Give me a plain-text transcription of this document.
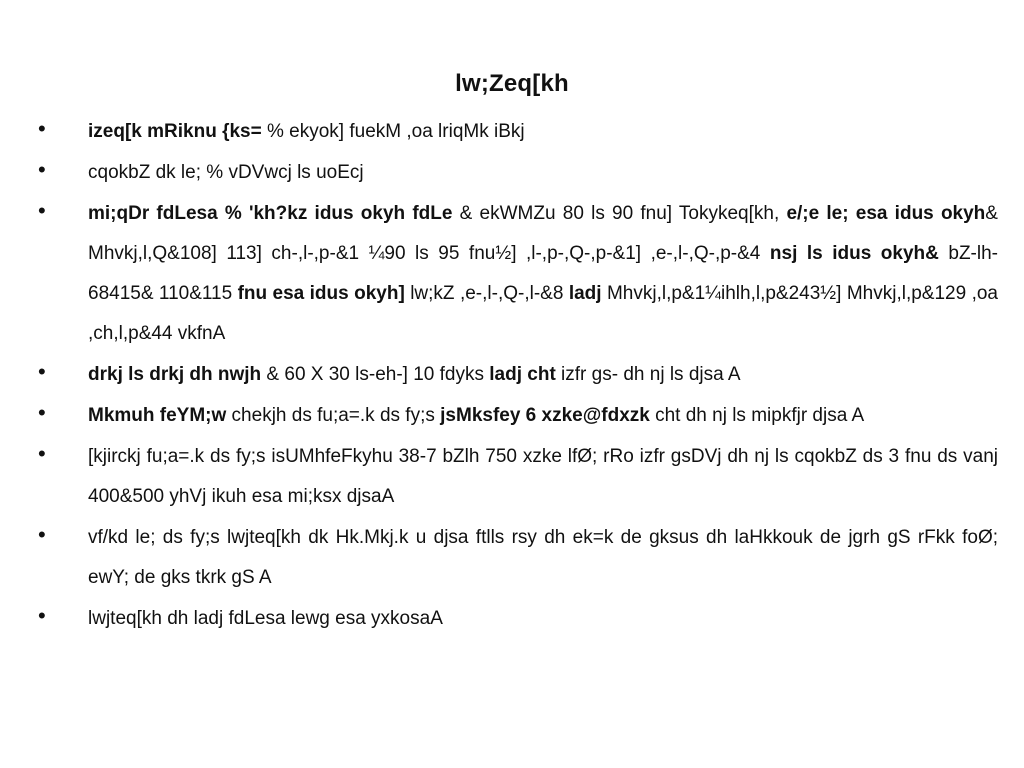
lw;Zeq[kh
• izeq[k mRiknu {ks= % ekyok] fuekM ,oa lriqMk iBkj
• cqokbZ dk le; % vDVwcj ls uoEcj
• mi;qDr fdLesa % 'kh?kz idus okyh fdLe & ekWMZu 80 ls 90 fnu] Tokykeq[kh, e/;e le; esa idus okyh& Mhvkj,l,Q&108] 113] ch-,l-,p-&1 ¼90 ls 95 fnu½] ,l-,p-,Q-,p-&1] ,e-,l-,Q-,p-&4 nsj ls idus okyh& bZ-lh- 68415& 110&115 fnu esa idus okyh] lw;kZ ,e-,l-,Q-,l-&8 ladj Mhvkj,l,p&1¼ihlh,l,p&243½] Mhvkj,l,p&129 ,oa ,ch,l,p&44 vkfnA
• drkj ls drkj dh nwjh & 60 X 30 ls-eh-] 10 fdyks ladj cht izfr gs- dh nj ls djsa A
• Mkmuh feYM;w chekjh ds fu;a=.k ds fy;s jsMksfey 6 xzke@fdxzk cht dh nj ls mipkfjr djsa A
• [kjirckj fu;a=.k ds fy;s isUMhfeFkyhu 38-7 bZlh 750 xzke lfØ; rRo izfr gsDVj dh nj ls cqokbZ ds 3 fnu ds vanj 400&500 yhVj ikuh esa mi;ksx djsaA
• vf/kd le; ds fy;s lwjteq[kh dk Hk.Mkj.k u djsa ftlls rsy dh ek=k de gksus dh laHkkouk de jgrh gS rFkk foØ; ewY; de gks tkrk gS A
• lwjteq[kh dh ladj fdLesa lewg esa yxkosaA
